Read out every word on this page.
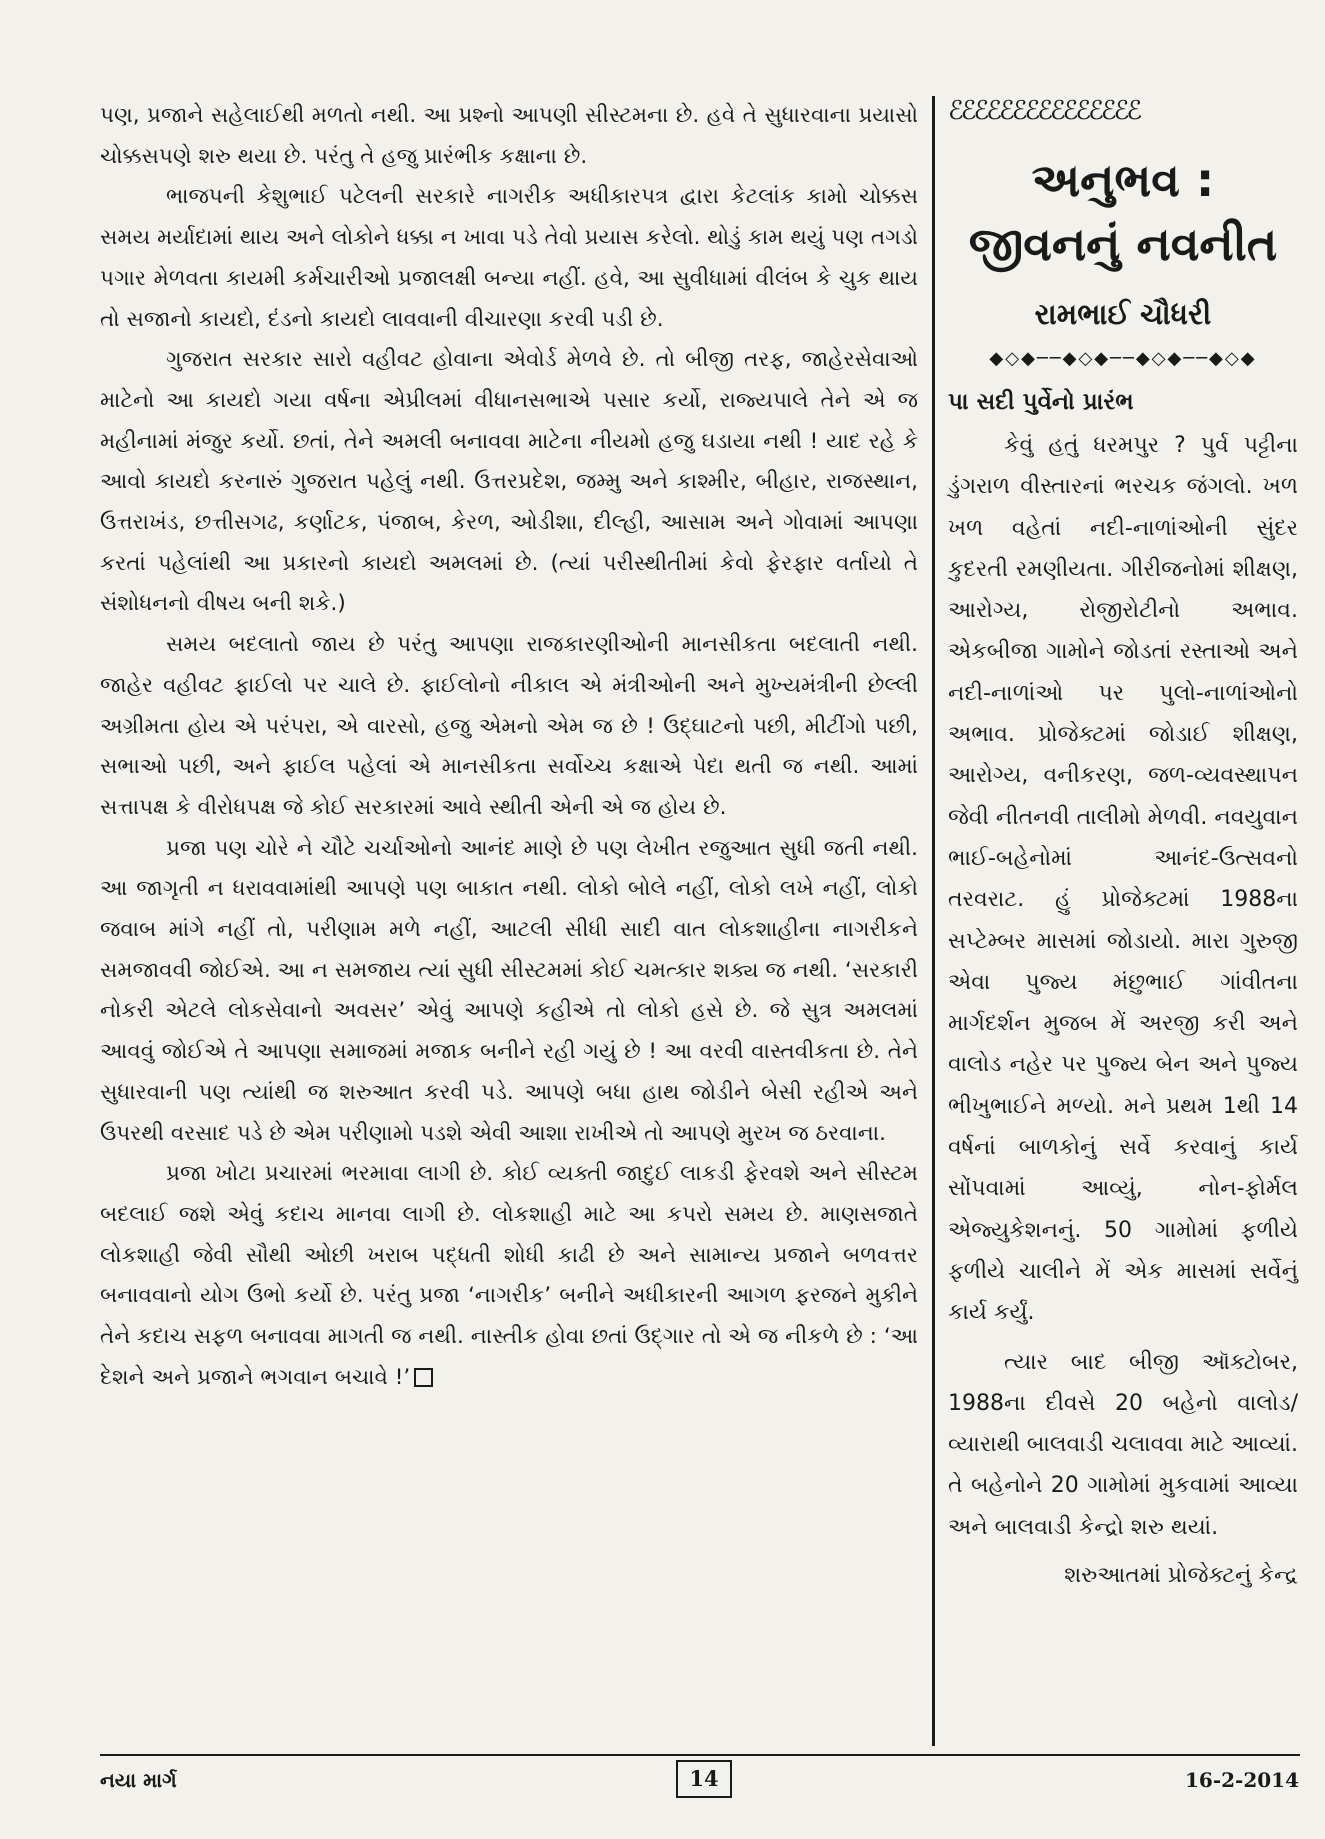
પણ, પ્રજાને સહેલાઈથી મળતો નથી. આ પ્રશ્નો આપણી સીસ્ટમના છે. હવે તે સુધારવાના પ્રયાસો ચોક્કસપણે શરુ થયા છે. પરંતુ તે હજુ પ્રારંભીક કક્ષાના છે.

ભાજપની કેશુભાઈ પટેલની સરકારે નાગરીક અધીકારપત્ર દ્વારા કેટલાંક કામો ચોક્કસ સમય મર્યાદામાં થાય અને લોકોને ધક્કા ન ખાવા પડે તેવો પ્રયાસ કરેલો. થોડું કામ થયું પણ તગડો પગાર મેળવતા કાયમી કર્મચારીઓ પ્રજાલક્ષી બન્યા નહીં. હવે, આ સુવીધામાં વીલંબ કે ચુક થાય તો સજાનો કાયદો, દંડનો કાયદો લાવવાની વીચારણા કરવી પડી છે.

ગુજરાત સરકાર સારો વહીવટ હોવાના એવોર્ડ મેળવે છે. તો બીજી તરફ, જાહેરસેવાઓ માટેનો આ કાયદો ગયા વર્ષના એપ્રીલમાં વીધાનસભાએ પસાર કર્યો, રાજ્યપાલે તેને એ જ મહીનામાં મંજુર કર્યો. છતાં, તેને અમલી બનાવવા માટેના નીયમો હજુ ઘડાયા નથી ! યાદ રહે કે આવો કાયદો કરનારું ગુજરાત પહેલું નથી. ઉત્તરપ્રદેશ, જમ્મુ અને કાશ્મીર, બીહાર, રાજસ્થાન, ઉત્તરાખંડ, છત્તીસગઢ, કર્ણાટક, પંજાબ, કેરળ, ઓડીશા, દીલ્હી, આસામ અને ગોવામાં આપણા કરતાં પહેલાંથી આ પ્રકારનો કાયદો અમલમાં છે. (ત્યાં પરીસ્થીતીમાં કેવો ફેરફાર વર્તાયો તે સંશોધનનો વીષય બની શકે.)

સમય બદલાતો જાય છે પરંતુ આપણા રાજકારણીઓની માનસીકતા બદલાતી નથી. જાહેર વહીવટ ફાઈલો પર ચાલે છે. ફાઈલોનો નીકાલ એ મંત્રીઓની અને મુખ્યમંત્રીની છેલ્લી અગ્રીમતા હોય એ પરંપરા, એ વારસો, હજુ એમનો એમ જ છે ! ઉદ્ઘાટનો પછી, મીટીંગો પછી, સભાઓ પછી, અને ફાઈલ પહેલાં એ માનસીકતા સર્વોચ્ચ કક્ષાએ પેદા થતી જ નથી. આમાં સત્તાપક્ષ કે વીરોધપક્ષ જે કોઈ સરકારમાં આવે સ્થીતી એની એ જ હોય છે.

પ્રજા પણ ચોરે ને ચૌટે ચર્ચાઓનો આનંદ માણે છે પણ લેખીત રજુઆત સુધી જતી નથી. આ જાગૃતી ન ધરાવવામાંથી આપણે પણ બાકાત નથી. લોકો બોલે નહીં, લોકો લખે નહીં, લોકો જવાબ માંગે નહીં તો, પરીણામ મળે નહીં, આટલી સીધી સાદી વાત લોકશાહીના નાગરીકને સમજાવવી જોઈએ. આ ન સમજાય ત્યાં સુધી સીસ્ટમમાં કોઈ ચમત્કાર શક્ય જ નથી. ‘સરકારી નોકરી એટલે લોકસેવાનો અવસર’ એવું આપણે કહીએ તો લોકો હસે છે. જે સુત્ર અમલમાં આવવું જોઈએ તે આપણા સમાજમાં મજાક બનીને રહી ગયું છે ! આ વરવી વાસ્તવીકતા છે. તેને સુધારવાની પણ ત્યાંથી જ શરુઆત કરવી પડે. આપણે બધા હાથ જોડીને બેસી રહીએ અને ઉપરથી વરસાદ પડે છે એમ પરીણામો પડશે એવી આશા રાખીએ તો આપણે મુરખ જ ઠરવાના.

પ્રજા ખોટા પ્રચારમાં ભરમાવા લાગી છે. કોઈ વ્યક્તી જાદુઈ લાકડી ફેરવશે અને સીસ્ટમ બદલાઈ જશે એવું કદાચ માનવા લાગી છે. લોકશાહી માટે આ કપરો સમય છે. માણસજાતે લોકશાહી જેવી સૌથી ઓછી ખરાબ પદ્ધતી શોધી કાઢી છે અને સામાન્ય પ્રજાને બળવત્તર બનાવવાનો યોગ ઉભો કર્યો છે. પરંતુ પ્રજા ‘નાગરીક’ બનીને અધીકારની આગળ ફરજને મુકીને તેને કદાચ સફળ બનાવવા માગતી જ નથી. નાસ્તીક હોવા છતાં ઉદ્ગાર તો એ જ નીકળે છે : ‘આ દેશને અને પ્રજાને ભગવાન બચાવે !’

ℰℰℰℰℰℰℰℰℰℰℰℰℰℰℰ
અનુભવ : જીવનનું નવનીત
રામભાઈ ચૌધરી
◆◇◆──◆◇◆──◆◇◆──◆◇◆
પા સદી પુર્વેનો પ્રારંભ

કેવું હતું ધરમપુર ? પુર્વ પટ્ટીના ડુંગરાળ વીસ્તારનાં ભરચક જંગલો. ખળ ખળ વહેતાં નદી-નાળાંઓની સુંદર કુદરતી રમણીયતા. ગીરીજનોમાં શીક્ષણ, આરોગ્ય, રોજીરોટીનો અભાવ. એકબીજા ગામોને જોડતાં રસ્તાઓ અને નદી-નાળાંઓ પર પુલો-નાળાંઓનો અભાવ. પ્રોજેક્ટમાં જોડાઈ શીક્ષણ, આરોગ્ય, વનીકરણ, જળ-વ્યવસ્થાપન જેવી નીતનવી તાલીમો મેળવી. નવયુવાન ભાઈ-બહેનોમાં આનંદ-ઉત્સવનો તરવરાટ. હું પ્રોજેક્ટમાં 1988ના સપ્ટેમ્બર માસમાં જોડાયો. મારા ગુરુજી એવા પુજ્ય મંછુભાઈ ગાંવીતના માર્ગદર્શન મુજબ મેં અરજી કરી અને વાલોડ નહેર પર પુજ્ય બેન અને પુજ્ય ભીખુભાઈને મળ્યો. મને પ્રથમ 1થી 14 વર્ષનાં બાળકોનું સર્વે કરવાનું કાર્ય સોંપવામાં આવ્યું, નોન-ફોર્મલ એજ્યુકેશનનું. 50 ગામોમાં ફળીયે ફળીયે ચાલીને મેં એક માસમાં સર્વેનું કાર્ય કર્યું.

ત્યાર બાદ બીજી ઑક્ટોબર, 1988ના દીવસે 20 બહેનો વાલોડ/વ્યારાથી બાલવાડી ચલાવવા માટે આવ્યાં. તે બહેનોને 20 ગામોમાં મુકવામાં આવ્યા અને બાલવાડી કેન્દ્રો શરુ થયાં.

શરુઆતમાં પ્રોજેક્ટનું કેન્દ્ર
નયા માર્ગ	14	16-2-2014
